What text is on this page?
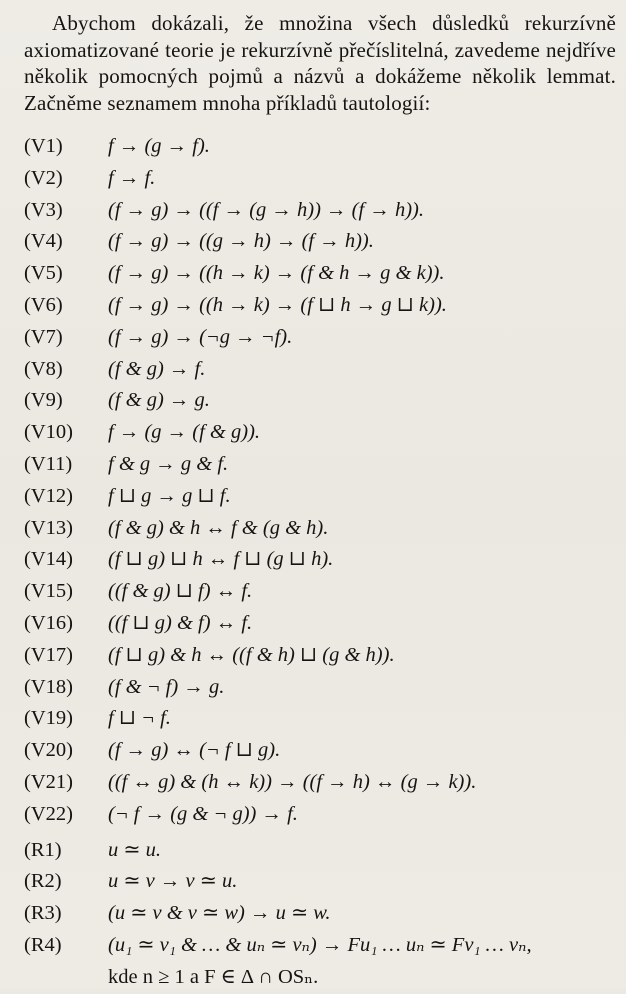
Abychom dokázali, že množina všech důsledků rekurzívně axiomatizované teorie je rekurzívně přečíslitelná, zavedeme nejdříve několik pomocných pojmů a názvů a dokážeme několik lemmat. Začněme seznamem mnoha příkladů tautologií:
(V1) f → (g → f).
(V2) f → f.
(V3) (f → g) → ((f → (g → h)) → (f → h)).
(V4) (f → g) → ((g → h) → (f → h)).
(V5) (f → g) → ((h → k) → (f & h → g & k)).
(V6) (f → g) → ((h → k) → (f ⊔ h → g ⊔ k)).
(V7) (f → g) → (¬g → ¬f).
(V8) (f & g) → f.
(V9) (f & g) → g.
(V10) f → (g → (f & g)).
(V11) f & g → g & f.
(V12) f ⊔ g → g ⊔ f.
(V13) (f & g) & h ↔ f & (g & h).
(V14) (f ⊔ g) ⊔ h ↔ f ⊔ (g ⊔ h).
(V15) ((f & g) ⊔ f) ↔ f.
(V16) ((f ⊔ g) & f) ↔ f.
(V17) (f ⊔ g) & h ↔ ((f & h) ⊔ (g & h)).
(V18) (f & ¬ f) → g.
(V19) f ⊔ ¬ f.
(V20) (f → g) ↔ (¬ f ⊔ g).
(V21) ((f ↔ g) & (h ↔ k)) → ((f → h) ↔ (g → k)).
(V22) (¬ f → (g & ¬ g)) → f.
(R1) u ≃ u.
(R2) u ≃ v → v ≃ u.
(R3) (u ≃ v & v ≃ w) → u ≃ w.
(R4) (u₁ ≃ v₁ & … & uₙ ≃ vₙ) → Fu₁ … uₙ ≃ Fv₁ … vₙ,
kde n ≥ 1 a F ∈ Δ ∩ OSₙ.
